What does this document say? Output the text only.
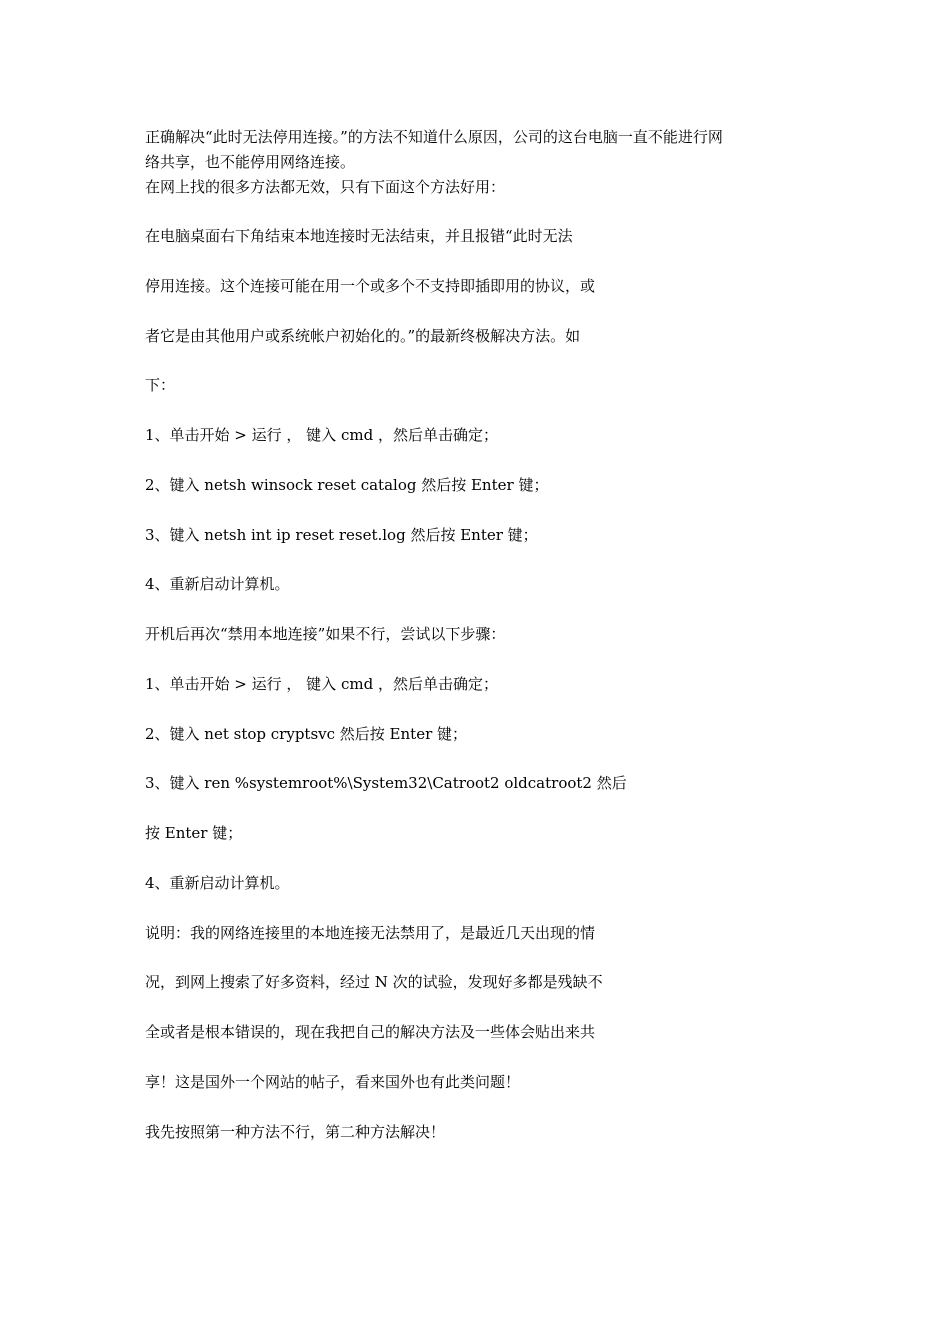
正确解决“此时无法停用连接。”的方法不知道什么原因，公司的这台电脑一直不能进行网
络共享，也不能停用网络连接。
在网上找的很多方法都无效，只有下面这个方法好用：
在电脑桌面右下角结束本地连接时无法结束，并且报错“此时无法
停用连接。这个连接可能在用一个或多个不支持即插即用的协议，或
者它是由其他用户或系统帐户初始化的。”的最新终极解决方法。如
下：
1、单击开始 > 运行 ， 键入 cmd ，然后单击确定；
2、键入 netsh winsock reset catalog 然后按 Enter 键；
3、键入 netsh int ip reset reset.log 然后按 Enter 键；
4、重新启动计算机。
开机后再次“禁用本地连接”如果不行，尝试以下步骤：
1、单击开始 > 运行 ， 键入 cmd ，然后单击确定；
2、键入 net stop cryptsvc 然后按 Enter 键；
3、键入 ren %systemroot%\System32\Catroot2 oldcatroot2 然后
按 Enter 键；
4、重新启动计算机。
说明：我的网络连接里的本地连接无法禁用了，是最近几天出现的情
况，到网上搜索了好多资料，经过 N 次的试验，发现好多都是残缺不
全或者是根本错误的，现在我把自己的解决方法及一些体会贴出来共
享！这是国外一个网站的帖子，看来国外也有此类问题！
我先按照第一种方法不行，第二种方法解决！
